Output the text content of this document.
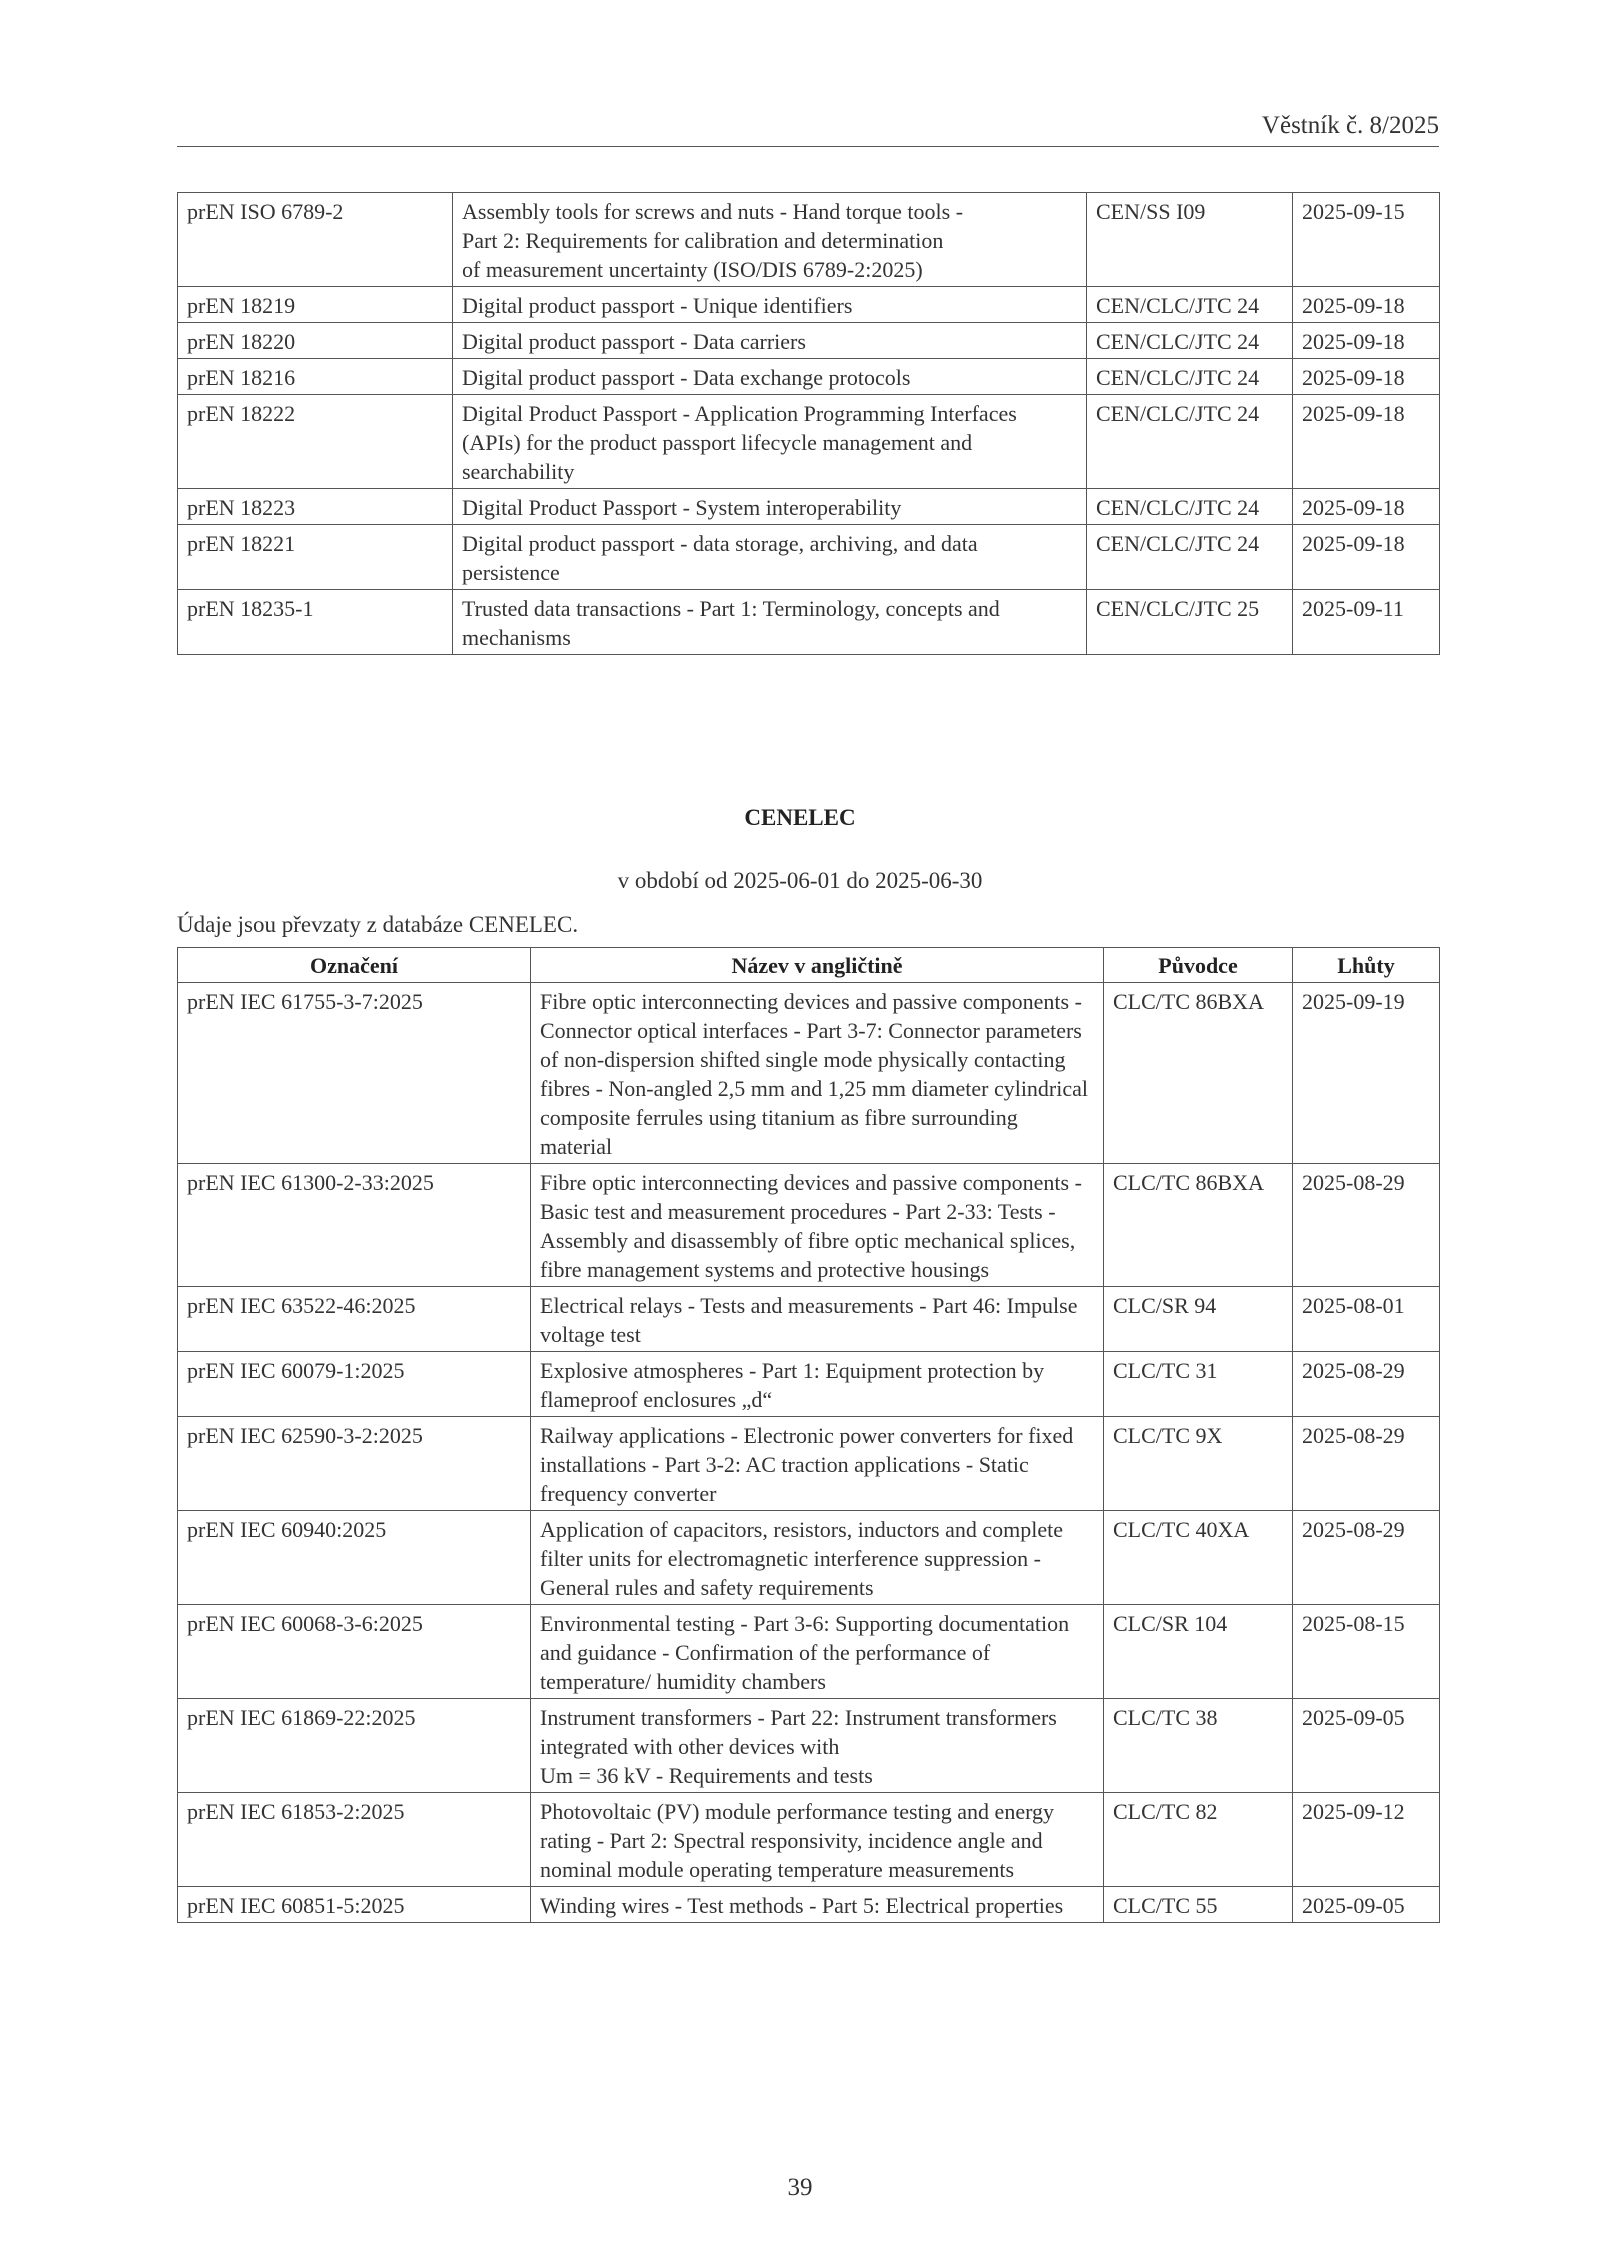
Věstník č. 8/2025
prEN ISO 6789-2	Assembly tools for screws and nuts - Hand torque tools -
Part 2: Requirements for calibration and determination
of measurement uncertainty (ISO/DIS 6789-2:2025)	CEN/SS I09	2025-09-15
prEN 18219	Digital product passport - Unique identifiers	CEN/CLC/JTC 24	2025-09-18
prEN 18220	Digital product passport - Data carriers	CEN/CLC/JTC 24	2025-09-18
prEN 18216	Digital product passport - Data exchange protocols	CEN/CLC/JTC 24	2025-09-18
prEN 18222	Digital Product Passport - Application Programming Interfaces (APIs) for the product passport lifecycle management and searchability	CEN/CLC/JTC 24	2025-09-18
prEN 18223	Digital Product Passport - System interoperability	CEN/CLC/JTC 24	2025-09-18
prEN 18221	Digital product passport - data storage, archiving, and data persistence	CEN/CLC/JTC 24	2025-09-18
prEN 18235-1	Trusted data transactions - Part 1: Terminology, concepts and mechanisms	CEN/CLC/JTC 25	2025-09-11
CENELEC
v období od 2025-06-01 do 2025-06-30
Údaje jsou převzaty z databáze CENELEC.
Označení	Název v angličtině	Původce	Lhůty
prEN IEC 61755-3-7:2025	Fibre optic interconnecting devices and passive components - Connector optical interfaces - Part 3-7: Connector parameters of non-dispersion shifted single mode physically contacting fibres - Non-angled 2,5 mm and 1,25 mm diameter cylindrical composite ferrules using titanium as fibre surrounding material	CLC/TC 86BXA	2025-09-19
prEN IEC 61300-2-33:2025	Fibre optic interconnecting devices and passive components - Basic test and measurement procedures - Part 2-33: Tests - Assembly and disassembly of fibre optic mechanical splices, fibre management systems and protective housings	CLC/TC 86BXA	2025-08-29
prEN IEC 63522-46:2025	Electrical relays - Tests and measurements - Part 46: Impulse voltage test	CLC/SR 94	2025-08-01
prEN IEC 60079-1:2025	Explosive atmospheres - Part 1: Equipment protection by flameproof enclosures „d“	CLC/TC 31	2025-08-29
prEN IEC 62590-3-2:2025	Railway applications - Electronic power converters for fixed installations - Part 3-2: AC traction applications - Static frequency converter	CLC/TC 9X	2025-08-29
prEN IEC 60940:2025	Application of capacitors, resistors, inductors and complete filter units for electromagnetic interference suppression - General rules and safety requirements	CLC/TC 40XA	2025-08-29
prEN IEC 60068-3-6:2025	Environmental testing - Part 3-6: Supporting documentation and guidance - Confirmation of the performance of temperature/ humidity chambers	CLC/SR 104	2025-08-15
prEN IEC 61869-22:2025	Instrument transformers - Part 22: Instrument transformers integrated with other devices with
Um = 36 kV - Requirements and tests	CLC/TC 38	2025-09-05
prEN IEC 61853-2:2025	Photovoltaic (PV) module performance testing and energy rating - Part 2: Spectral responsivity, incidence angle and nominal module operating temperature measurements	CLC/TC 82	2025-09-12
prEN IEC 60851-5:2025	Winding wires - Test methods - Part 5: Electrical properties	CLC/TC 55	2025-09-05
39
